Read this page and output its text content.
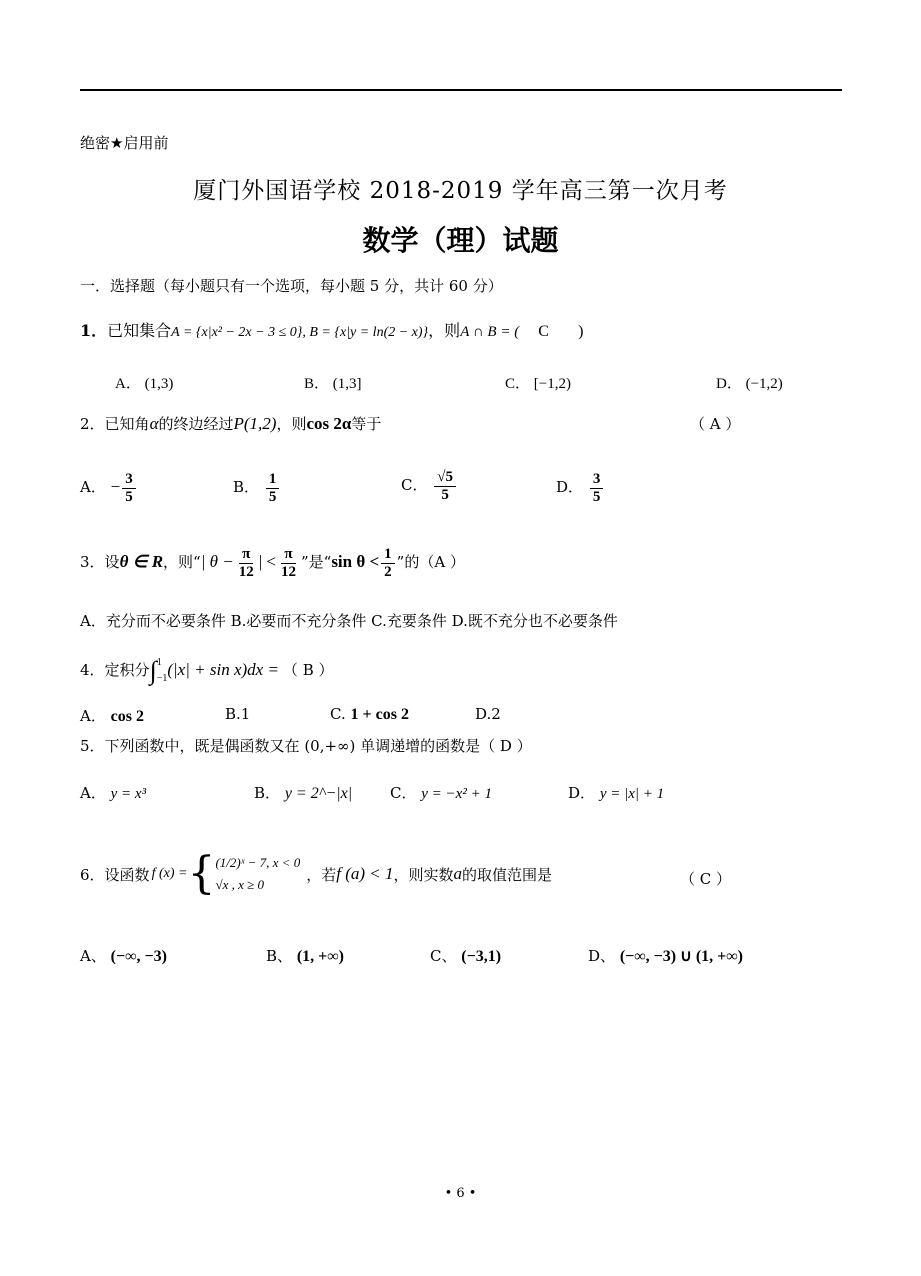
绝密★启用前
厦门外国语学校 2018-2019 学年高三第一次月考
数学（理）试题
一．选择题（每小题只有一个选项，每小题 5 分，共计 60 分）
1．已知集合A = {x|x² − 2x − 3 ≤ 0}, B = {x|y = ln(2 − x)}，则A ∩ B = ( C )
A． (1,3)	B． (1,3]	C． [−1,2)	D． (−1,2)
2．已知角α的终边经过P(1,2)，则cos 2α等于	（ A ）
A． − $\frac{3}{5}$	B． $\frac{1}{5}$	C． $\frac{√5}{5}$	D． $\frac{3}{5}$
3．设θ ∈ R，则“| $\theta - \frac{\pi}{12}$ | < $\frac{\pi}{12}$ ”是“sin $\theta < \frac{1}{2}$ ”的（A ）
A．充分而不必要条件 B.必要而不充分条件 C.充要条件 D.既不充分也不必要条件
4．定积分 ∫ 1
−1 (|x| + sin x)dx = （ B ）
A． cos 2	B.1	C. 1 + cos 2	D.2
5．下列函数中，既是偶函数又在 (0,+∞) 单调递增的函数是（ D ）
A． y = x³	B． y = 2^−|x|	C． y = −x² + 1	D． y = |x| + 1
6． 设函数 f (x) = { (1/2)ˣ − 7, x < 0
√x , x ≥ 0
，若 f (a) < 1 ，则实数 a 的取值范围是	（ C ）
A、 (−∞, −3)	B、 (1, +∞)	C、 (−3,1)	D、 (−∞, −3) ∪ (1, +∞)
• 6 •
